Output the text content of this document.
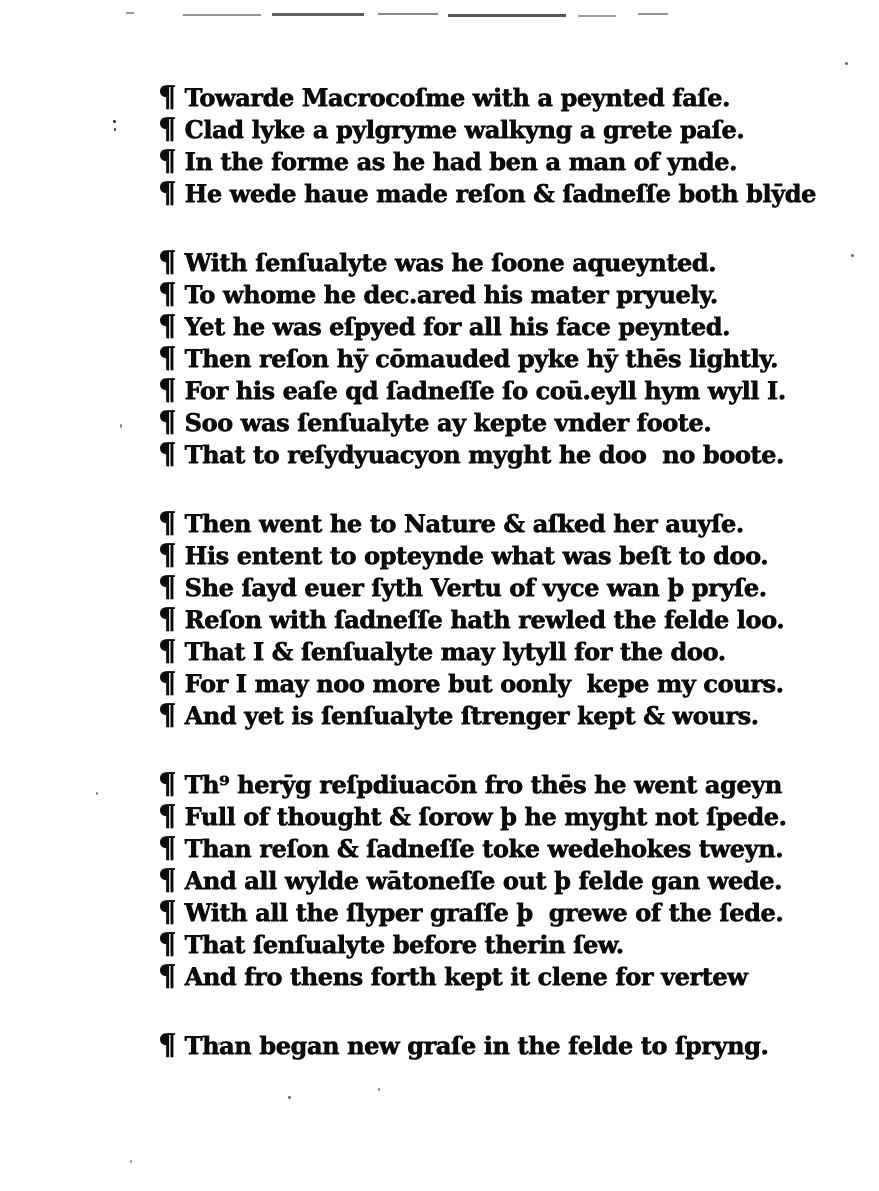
¶ Towarde Macrocoſme with a peynted faſe.
¶ Clad lyke a pylgryme walkyng a grete paſe.
¶ In the forme as he had ben a man of ynde.
¶ He wede haue made reſon & ſadneſſe both blȳde
¶ With ſenſualyte was he ſoone aqueynted.
¶ To whome he dec.ared his mater pryuely.
¶ Yet he was eſpyed for all his face peynted.
¶ Then reſon hȳ cōmauded pyke hȳ thēs lightly.
¶ For his eaſe qd ſadneſſe ſo coū.eyll hym wyll I.
¶ Soo was ſenſualyte ay kepte vnder foote.
¶ That to reſydyuacyon myght he doo  no boote.
¶ Then went he to Nature & aſked her auyſe.
¶ His entent to opteynde what was beſt to doo.
¶ She ſayd euer ſyth Vertu of vyce wan þ pryſe.
¶ Reſon with ſadneſſe hath rewled the felde loo.
¶ That I & ſenſualyte may lytyll for the doo.
¶ For I may noo more but oonly  kepe my cours.
¶ And yet is ſenſualyte ſtrenger kept & wours.
¶ Th⁹ herȳg reſpdiuacōn fro thēs he went ageyn
¶ Full of thought & ſorow þ he myght not ſpede.
¶ Than reſon & ſadneſſe toke wedehokes tweyn.
¶ And all wylde wātoneſſe out þ felde gan wede.
¶ With all the ſlyper graſſe þ  grewe of the ſede.
¶ That ſenſualyte before therin ſew.
¶ And fro thens forth kept it clene for vertew
¶ Than began new graſe in the felde to ſpryng.
